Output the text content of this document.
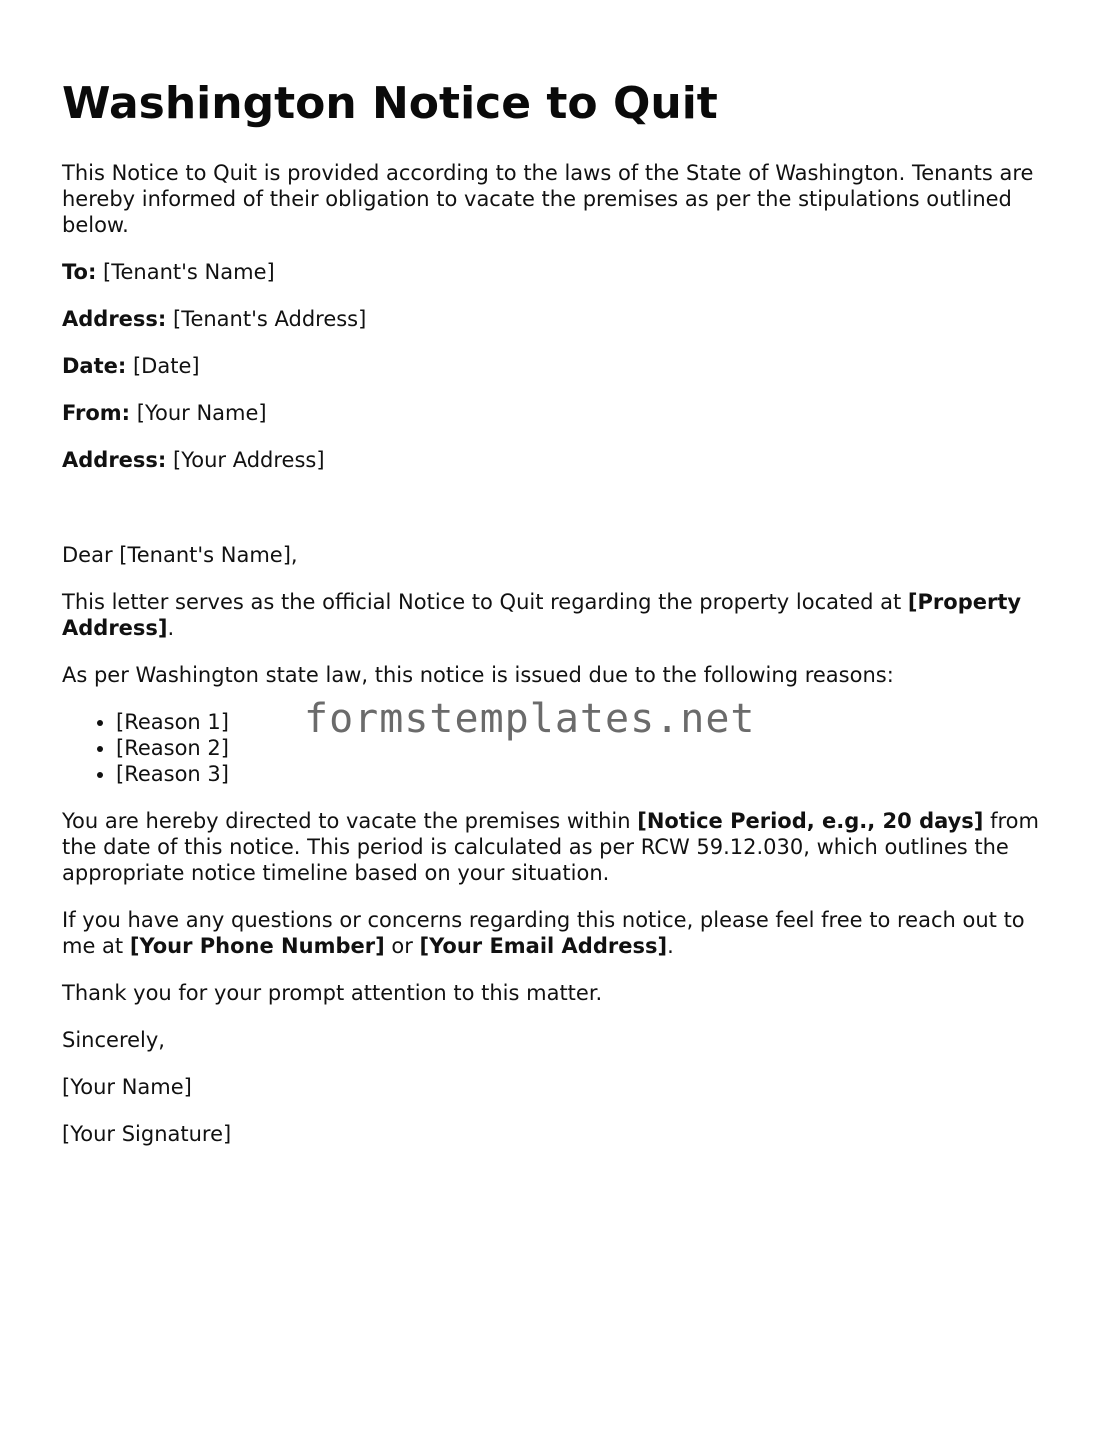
Washington Notice to Quit

This Notice to Quit is provided according to the laws of the State of Washington. Tenants are hereby informed of their obligation to vacate the premises as per the stipulations outlined below.

To: [Tenant's Name]
Address: [Tenant's Address]
Date: [Date]
From: [Your Name]
Address: [Your Address]

Dear [Tenant's Name],

This letter serves as the official Notice to Quit regarding the property located at [Property Address].

As per Washington state law, this notice is issued due to the following reasons:

• [Reason 1]
• [Reason 2]
• [Reason 3]

You are hereby directed to vacate the premises within [Notice Period, e.g., 20 days] from the date of this notice. This period is calculated as per RCW 59.12.030, which outlines the appropriate notice timeline based on your situation.

If you have any questions or concerns regarding this notice, please feel free to reach out to me at [Your Phone Number] or [Your Email Address].

Thank you for your prompt attention to this matter.

Sincerely,

[Your Name]

[Your Signature]

formstemplates.net
